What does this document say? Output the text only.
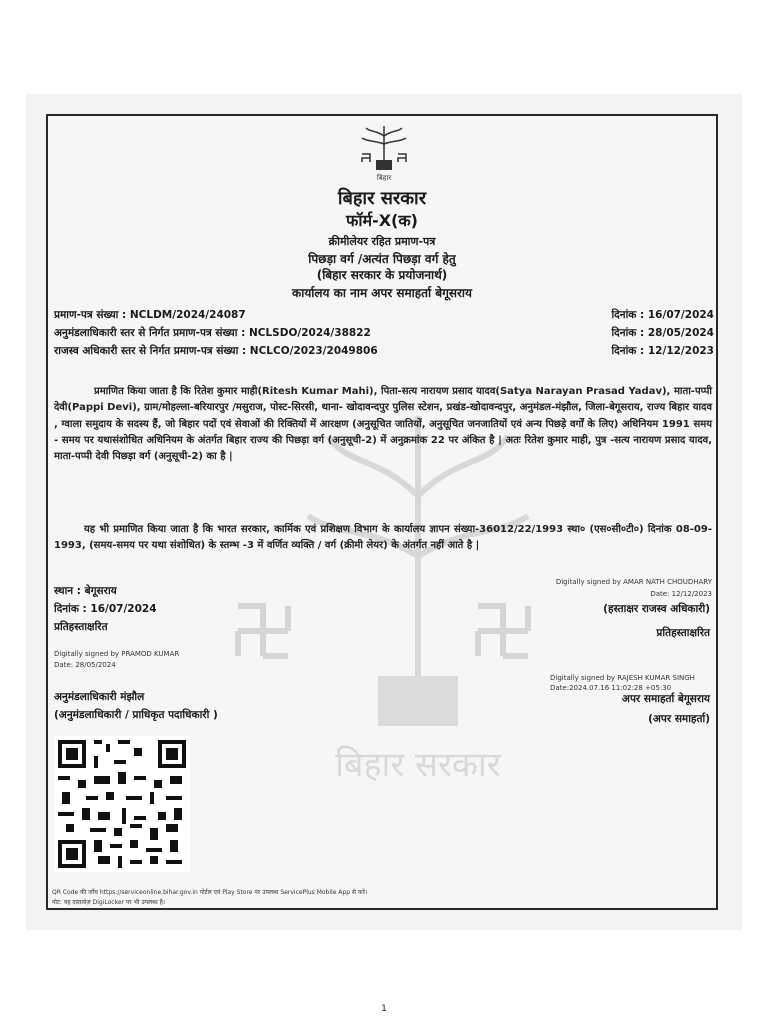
बिहार सरकार
बिहार
बिहार सरकार
फॉर्म-X(क)
क्रीमीलेयर रहित प्रमाण-पत्र
पिछड़ा वर्ग /अत्यंत पिछड़ा वर्ग हेतु
(बिहार सरकार के प्रयोजनार्थ)
कार्यालय का नाम अपर समाहर्ता बेगूसराय
प्रमाण-पत्र संख्या : NCLDM/2024/24087	दिनांक : 16/07/2024
अनुमंडलाधिकारी स्तर से निर्गत प्रमाण-पत्र संख्या : NCLSDO/2024/38822	दिनांक : 28/05/2024
राजस्व अधिकारी स्तर से निर्गत प्रमाण-पत्र संख्या : NCLCO/2023/2049806	दिनांक : 12/12/2023
प्रमाणित किया जाता है कि रितेश कुमार माही(Ritesh Kumar Mahi), पिता-सत्य नारायण प्रसाद यादव(Satya Narayan Prasad Yadav), माता-पप्पी देवी(Pappi Devi), ग्राम/मोहल्ला-बरियारपुर /मसुराज, पोस्ट-सिरसी, थाना- खोदावन्दपुर पुलिस स्टेशन, प्रखंड-खोदावन्दपुर, अनुमंडल-मंझौल, जिला-बेगूसराय, राज्य बिहार यादव , ग्वाला समुदाय के सदस्य हैं, जो बिहार पदों एवं सेवाओं की रिक्तियों में आरक्षण (अनुसूचित जातियों, अनुसूचित जनजातियों एवं अन्य पिछड़े वर्गों के लिए) अधिनियम 1991 समय - समय पर यथासंशोधित अधिनियम के अंतर्गत बिहार राज्य की पिछड़ा वर्ग (अनुसूची-2) में अनुक्रमांक 22 पर अंकित है | अतः रितेश कुमार माही, पुत्र -सत्य नारायण प्रसाद यादव, माता-पप्पी देवी पिछड़ा वर्ग (अनुसूची-2) का है |
यह भी प्रमाणित किया जाता है कि भारत सरकार, कार्मिक एवं प्रशिक्षण विभाग के कार्यालय ज्ञापन संख्या-36012/22/1993 स्था० (एस०सी०टी०) दिनांक 08-09-1993, (समय-समय पर यथा संशोधित) के स्तम्भ -3 में वर्णित व्यक्ति / वर्ग (क्रीमी लेयर) के अंतर्गत नहीं आते है |
स्थान : बेगूसराय
दिनांक : 16/07/2024
प्रतिहस्ताक्षरित
Digitally signed by AMAR NATH CHOUDHARY
Date: 12/12/2023
(हस्ताक्षर राजस्व अधिकारी)
प्रतिहस्ताक्षरित
Digitally signed by PRAMOD KUMAR
Date: 28/05/2024
Digitally signed by RAJESH KUMAR SINGH
Date:2024.07.16 11:02:28 +05:30
अपर समाहर्ता बेगूसराय
(अपर समाहर्ता)
अनुमंडलाधिकारी मंझौल
(अनुमंडलाधिकारी / प्राधिकृत पदाधिकारी )
QR Code की जाँच https://serviceonline.bihar.gov.in पोर्टल एवं Play Store पर उपलब्ध ServicePlus Mobile App से करें।
नोट: यह दस्तावेज़ DigiLocker पर भी उपलब्ध है।
1
